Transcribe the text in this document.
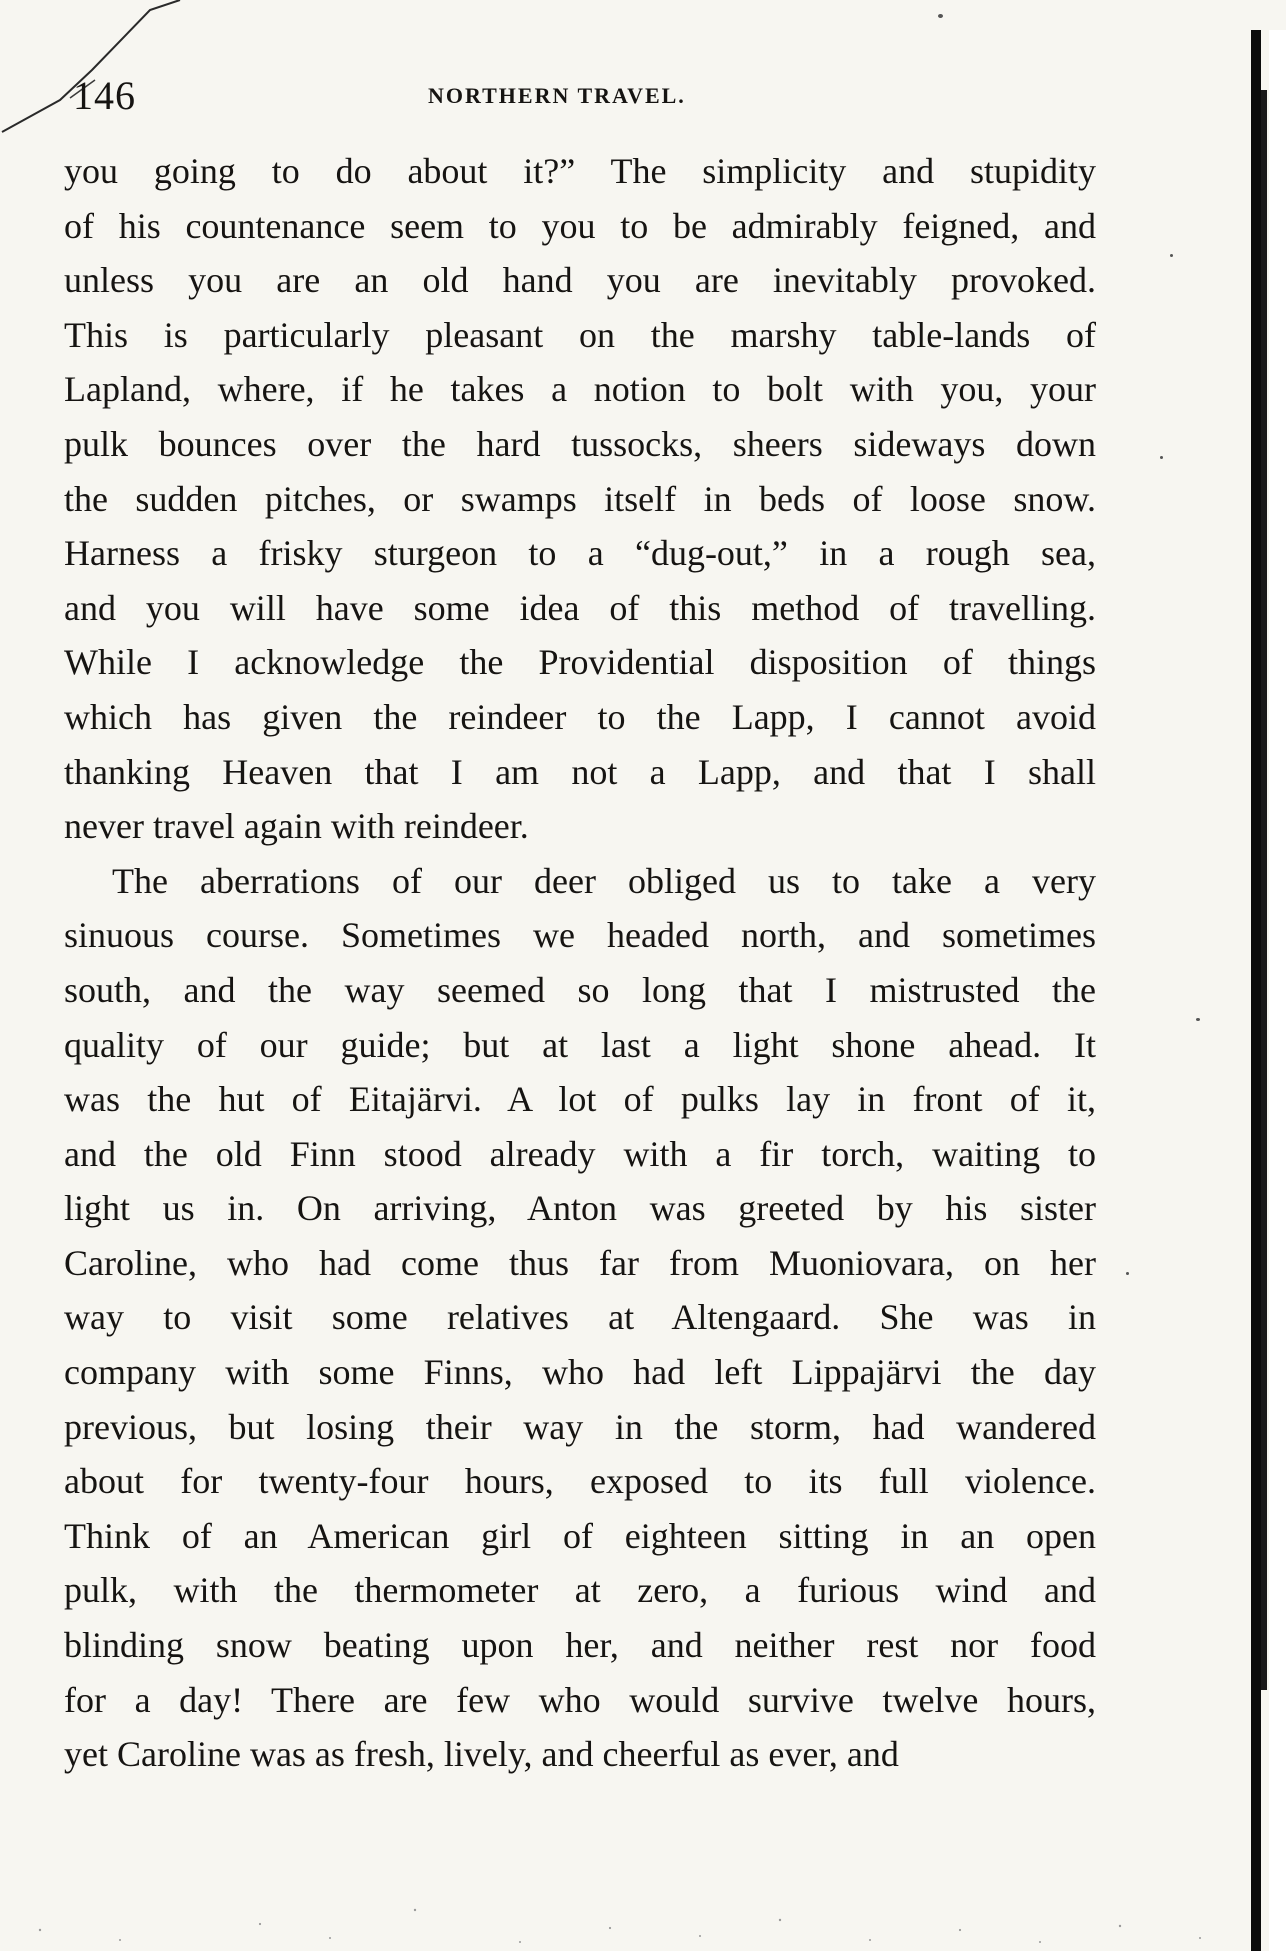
146	NORTHERN TRAVEL.
you going to do about it?” The simplicity and stupidity
of his countenance seem to you to be admirably feigned, and
unless you are an old hand you are inevitably provoked.
This is particularly pleasant on the marshy table-lands of
Lapland, where, if he takes a notion to bolt with you, your
pulk bounces over the hard tussocks, sheers sideways down
the sudden pitches, or swamps itself in beds of loose snow.
Harness a frisky sturgeon to a “dug-out,” in a rough sea,
and you will have some idea of this method of travelling.
While I acknowledge the Providential disposition of things
which has given the reindeer to the Lapp, I cannot avoid
thanking Heaven that I am not a Lapp, and that I shall
never travel again with reindeer.
The aberrations of our deer obliged us to take a very
sinuous course. Sometimes we headed north, and sometimes
south, and the way seemed so long that I mistrusted the
quality of our guide; but at last a light shone ahead. It
was the hut of Eitajärvi. A lot of pulks lay in front of it,
and the old Finn stood already with a fir torch, waiting to
light us in. On arriving, Anton was greeted by his sister
Caroline, who had come thus far from Muoniovara, on her
way to visit some relatives at Altengaard. She was in
company with some Finns, who had left Lippajärvi the day
previous, but losing their way in the storm, had wandered
about for twenty-four hours, exposed to its full violence.
Think of an American girl of eighteen sitting in an open
pulk, with the thermometer at zero, a furious wind and
blinding snow beating upon her, and neither rest nor food
for a day! There are few who would survive twelve hours,
yet Caroline was as fresh, lively, and cheerful as ever, and
